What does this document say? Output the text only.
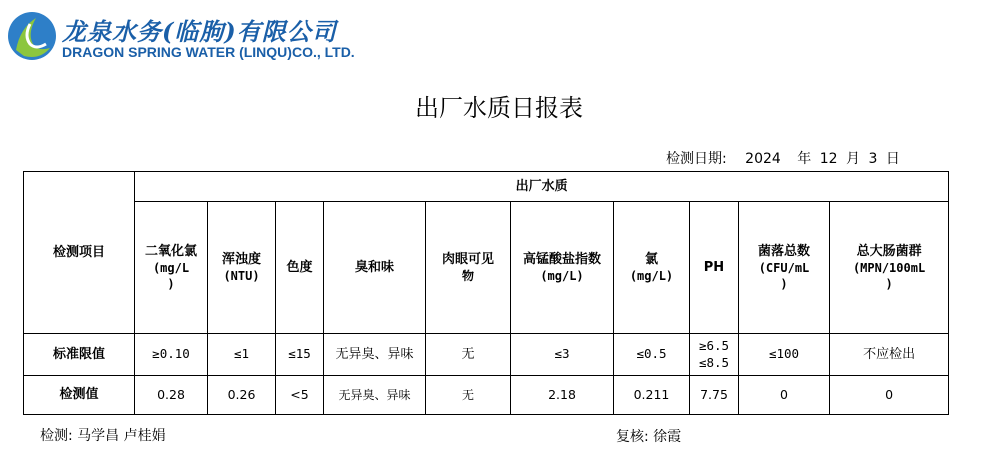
龙泉水务(临朐)有限公司
DRAGON SPRING WATER (LINQU)CO., LTD.
出厂水质日报表
检测日期: 2024 年 12 月 3 日
检测项目	出厂水质									

	二氧化氯
(mg/L
)	浑浊度
(NTU)	色度	臭和味	肉眼可见
物	高锰酸盐指数
(mg/L)	氯
(mg/L)	PH	菌落总数
(CFU/mL
)	总大肠菌群
(MPN/100mL
)

标准限值	≥0.10	≤1	≤15	无异臭、异味	无	≤3	≤0.5	≥6.5
≤8.5	≤100	不应检出

检测值	0.28	0.26	<5	无异臭、异味	无	2.18	0.211	7.75	0	0
检测: 马学昌 卢桂娟	复核: 徐霞
